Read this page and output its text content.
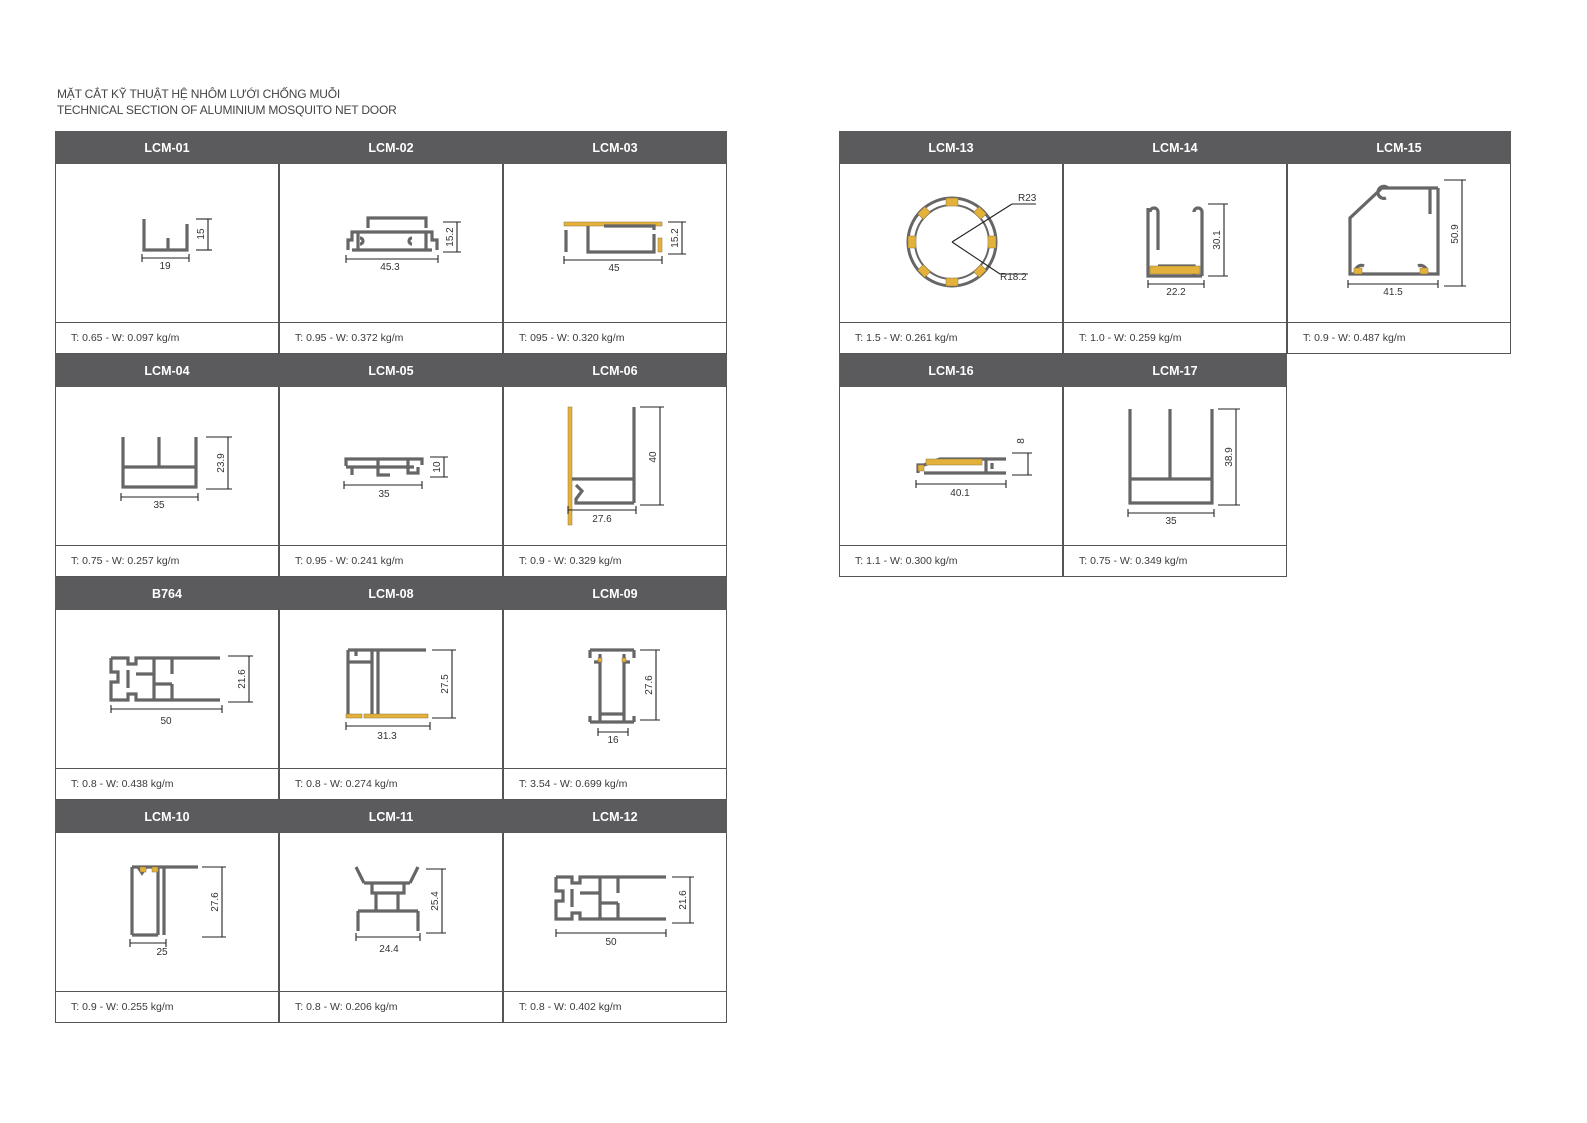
MẶT CẮT KỸ THUẬT HỆ NHÔM LƯỚI CHỐNG MUỖI
TECHNICAL SECTION OF ALUMINIUM MOSQUITO NET DOOR
LCM-01
19
15
T: 0.65 - W: 0.097 kg/m
LCM-02
45.3
15.2
T: 0.95 - W: 0.372 kg/m
LCM-03
45
15.2
T: 095 - W: 0.320 kg/m
LCM-04
35
23.9
T: 0.75 - W: 0.257 kg/m
LCM-05
35
10
T: 0.95 - W: 0.241 kg/m
LCM-06
27.6
40
T: 0.9 - W: 0.329 kg/m
B764
50
21.6
T: 0.8 - W: 0.438 kg/m
LCM-08
31.3
27.5
T: 0.8 - W: 0.274 kg/m
LCM-09
16
27.6
T: 3.54 - W: 0.699 kg/m
LCM-10
25
27.6
T: 0.9 - W: 0.255 kg/m
LCM-11
24.4
25.4
T: 0.8 - W: 0.206 kg/m
LCM-12
50
21.6
T: 0.8 - W: 0.402 kg/m
LCM-13
R23
R18.2
T: 1.5 - W: 0.261 kg/m
LCM-14
22.2
30.1
T: 1.0 - W: 0.259 kg/m
LCM-15
41.5
50.9
T: 0.9 - W: 0.487 kg/m
LCM-16
40.1
8
T: 1.1 - W: 0.300 kg/m
LCM-17
35
38.9
T: 0.75 - W: 0.349 kg/m
